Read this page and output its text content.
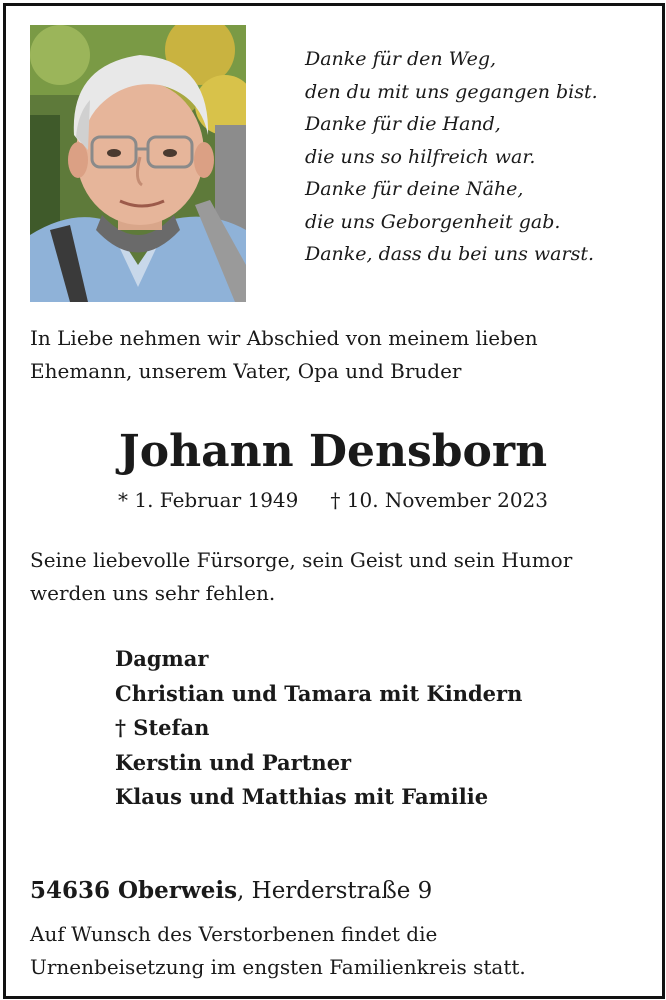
Danke für den Weg,
den du mit uns gegangen bist.
Danke für die Hand,
die uns so hilfreich war.
Danke für deine Nähe,
die uns Geborgenheit gab.
Danke, dass du bei uns warst.

In Liebe nehmen wir Abschied von meinem lieben
Ehemann, unserem Vater, Opa und Bruder

Johann Densborn
* 1. Februar 1949 † 10. November 2023

Seine liebevolle Fürsorge, sein Geist und sein Humor
werden uns sehr fehlen.

Dagmar
Christian und Tamara mit Kindern
† Stefan
Kerstin und Partner
Klaus und Matthias mit Familie
54636 Oberweis, Herderstraße 9

Auf Wunsch des Verstorbenen findet die
Urnenbeisetzung im engsten Familienkreis statt.
